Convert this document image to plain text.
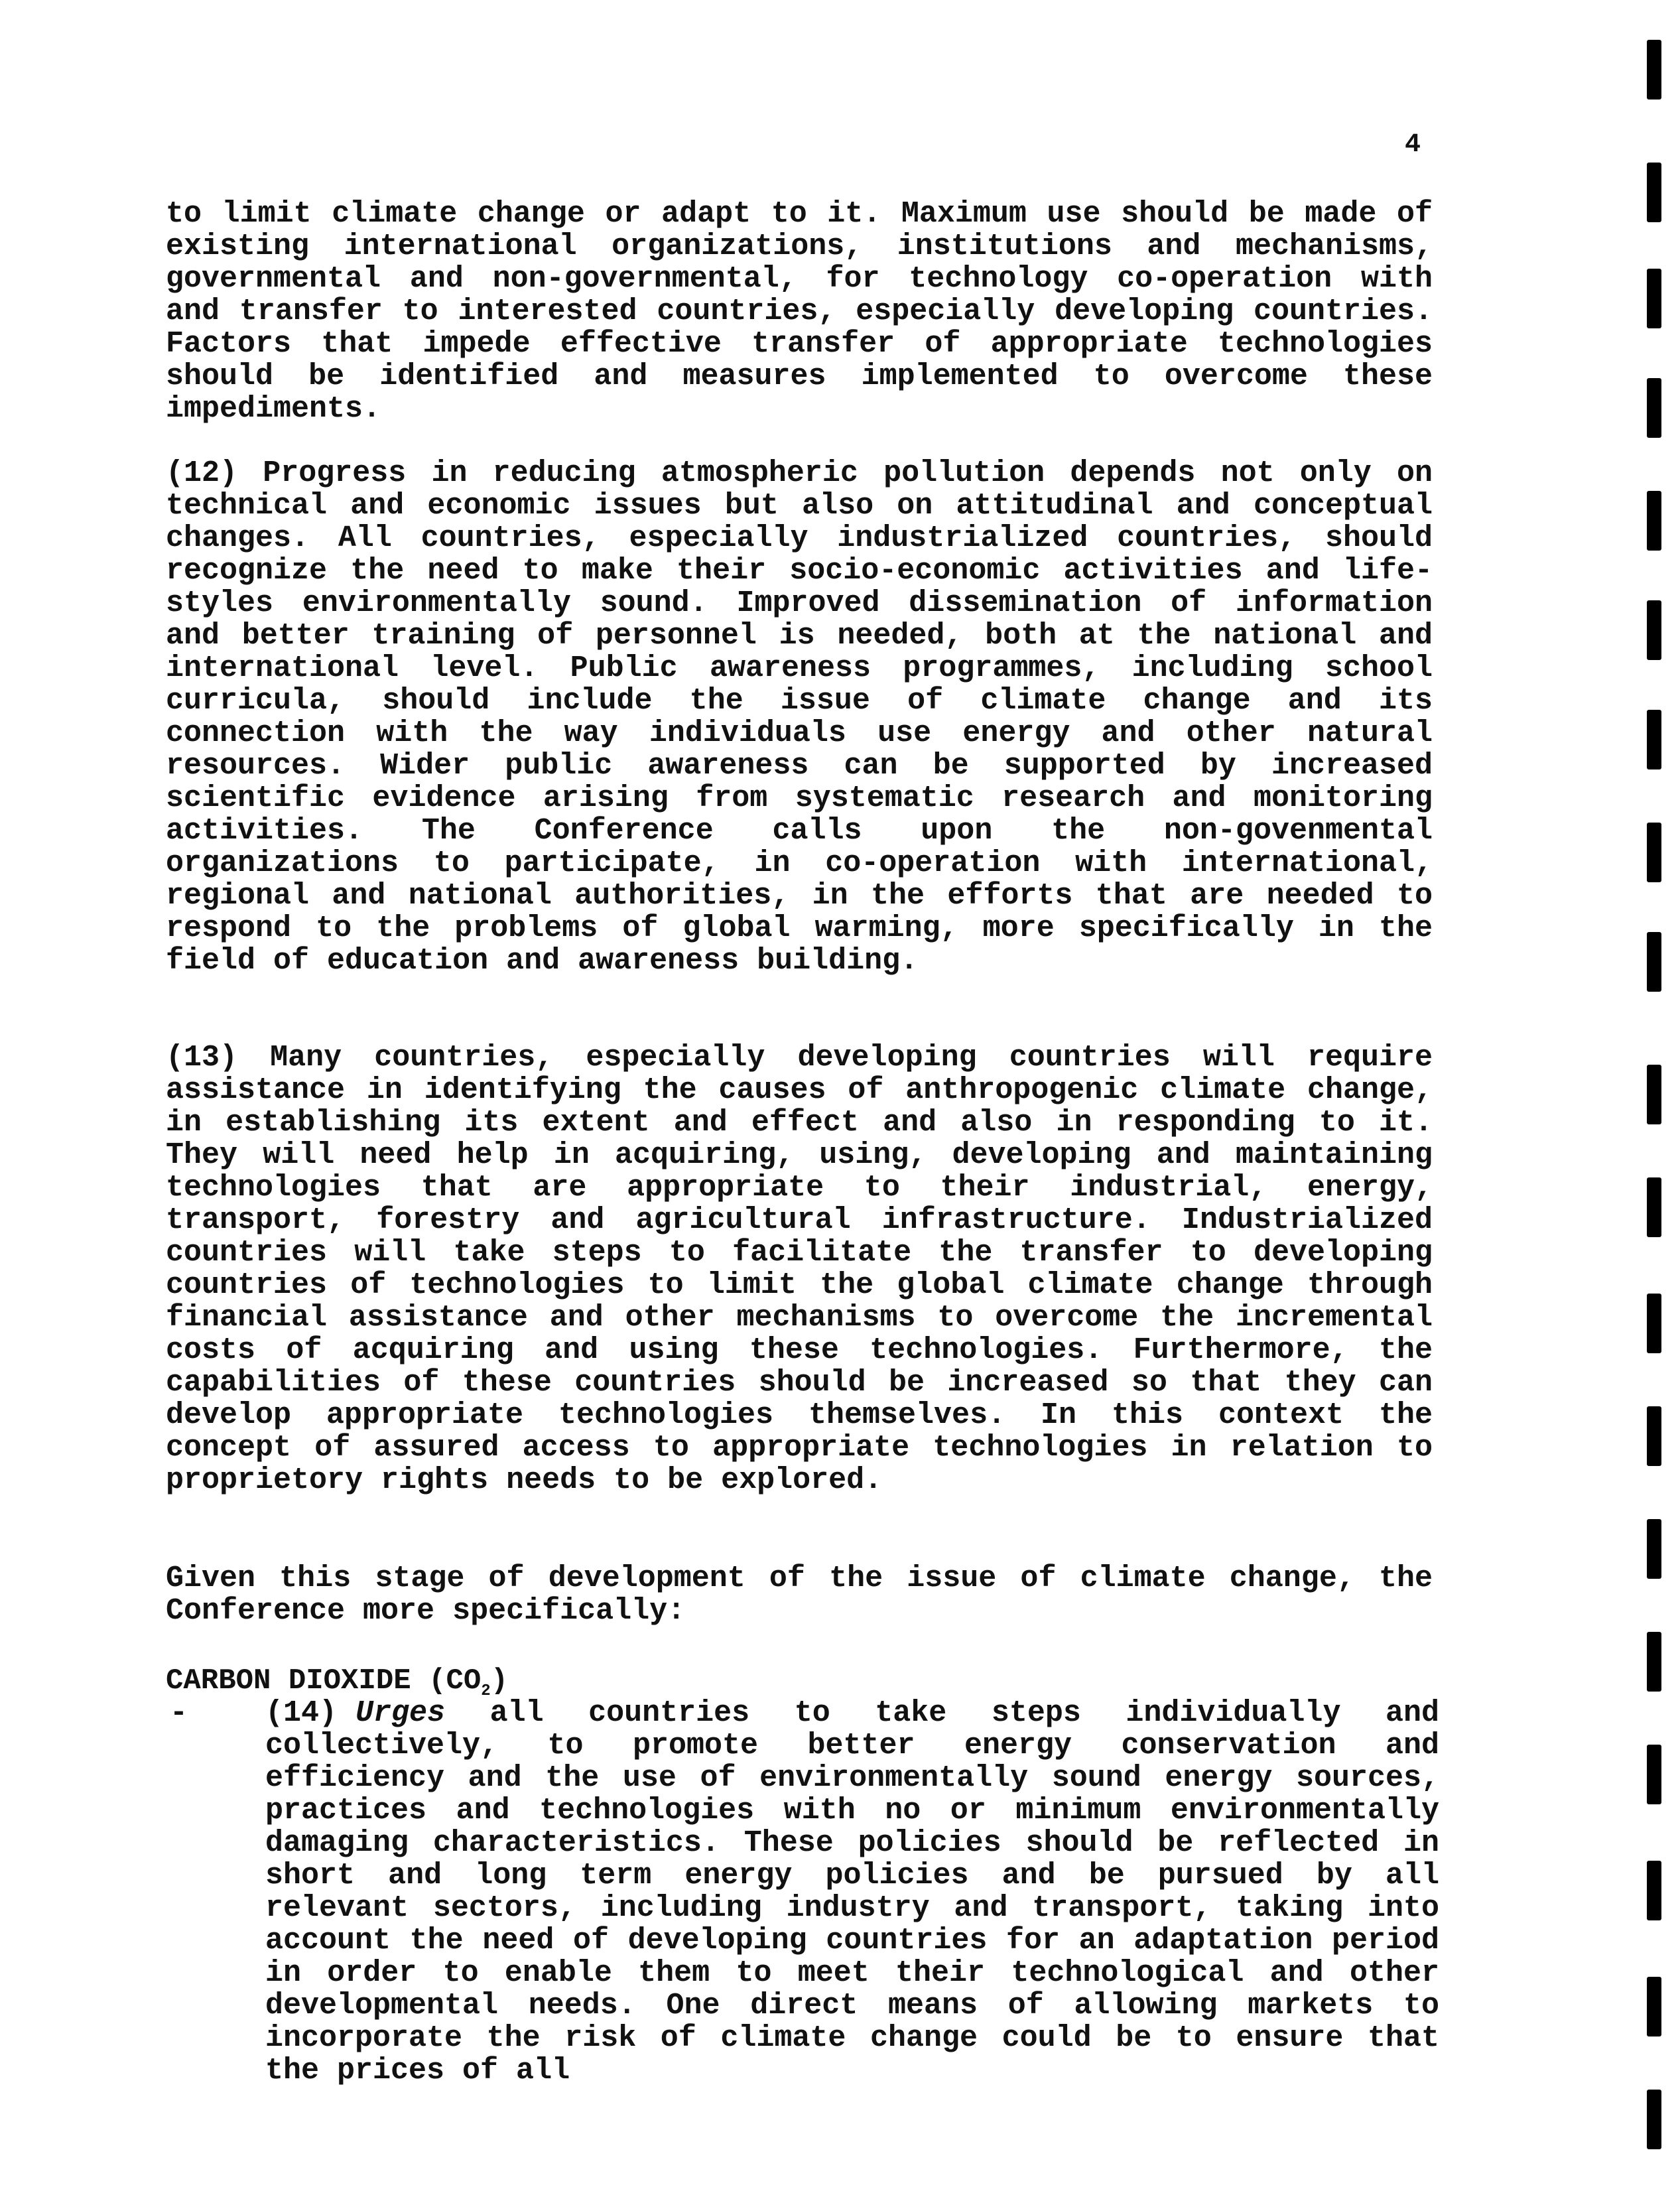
4

to limit climate change or adapt to it. Maximum use should be made of existing international organizations, institutions and mechanisms, governmental and non-governmental, for technology co-operation with and transfer to interested countries, especially developing countries. Factors that impede effective transfer of appropriate technologies should be identified and measures implemented to overcome these impediments.

(12) Progress in reducing atmospheric pollution depends not only on technical and economic issues but also on attitudinal and conceptual changes. All countries, especially industrialized countries, should recognize the need to make their socio-economic activities and life-styles environmentally sound. Improved dissemination of information and better training of personnel is needed, both at the national and international level. Public awareness programmes, including school curricula, should include the issue of climate change and its connection with the way individuals use energy and other natural resources. Wider public awareness can be supported by increased scientific evidence arising from systematic research and monitoring activities. The Conference calls upon the non-govenmental organizations to participate, in co-operation with international, regional and national authorities, in the efforts that are needed to respond to the problems of global warming, more specifically in the field of education and awareness building.

(13) Many countries, especially developing countries will require assistance in identifying the causes of anthropogenic climate change, in establishing its extent and effect and also in responding to it. They will need help in acquiring, using, developing and maintaining technologies that are appropriate to their industrial, energy, transport, forestry and agricultural infrastructure. Industrialized countries will take steps to facilitate the transfer to developing countries of technologies to limit the global climate change through financial assistance and other mechanisms to overcome the incremental costs of acquiring and using these technologies. Furthermore, the capabilities of these countries should be increased so that they can develop appropriate technologies themselves. In this context the concept of assured access to appropriate technologies in relation to proprietory rights needs to be explored.

Given this stage of development of the issue of climate change, the Conference more specifically:

CARBON DIOXIDE $(CO_2)$
-	(14) Urges all countries to take steps individually and collectively, to promote better energy conservation and efficiency and the use of environmentally sound energy sources, practices and technologies with no or minimum environmentally damaging characteristics. These policies should be reflected in short and long term energy policies and be pursued by all relevant sectors, including industry and transport, taking into account the need of developing countries for an adaptation period in order to enable them to meet their technological and other developmental needs. One direct means of allowing markets to incorporate the risk of climate change could be to ensure that the prices of all
